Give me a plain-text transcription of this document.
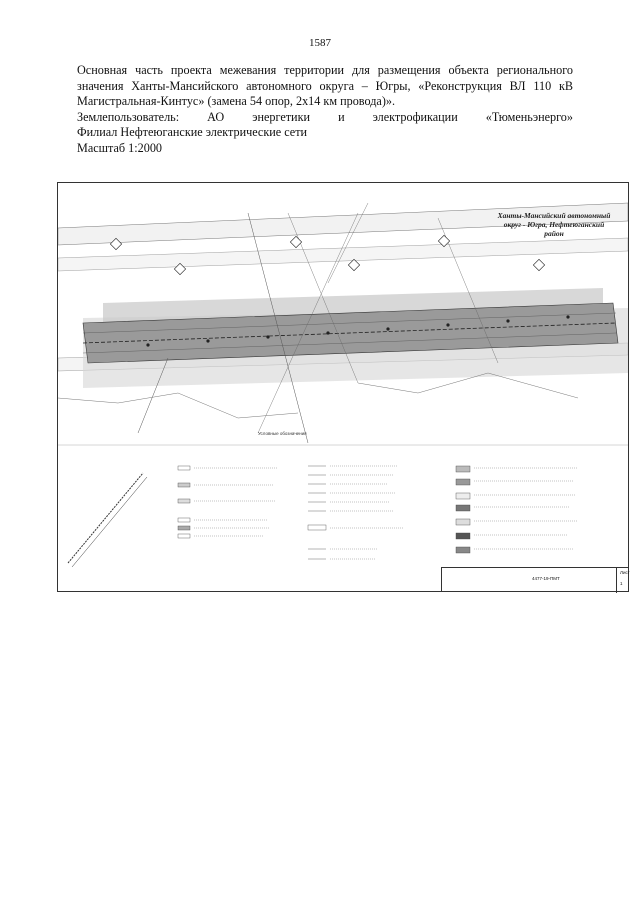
1587

Основная часть проекта межевания территории для размещения объекта регионального

значения Ханты-Мансийского автономного округа – Югры, «Реконструкция ВЛ 110 кВ

Магистральная-Кинтус» (замена 54 опор, 2х14 км провода)».

Землепользователь: АО энергетики и электрофикации «Тюменьэнерго»

Филиал Нефтеюганские электрические сети

Масштаб 1:2000

Ханты-Мансийский автономный округ - Югра, Нефтеюганский район
Условные обозначения
4477-19-ПМТ
Лист
1
